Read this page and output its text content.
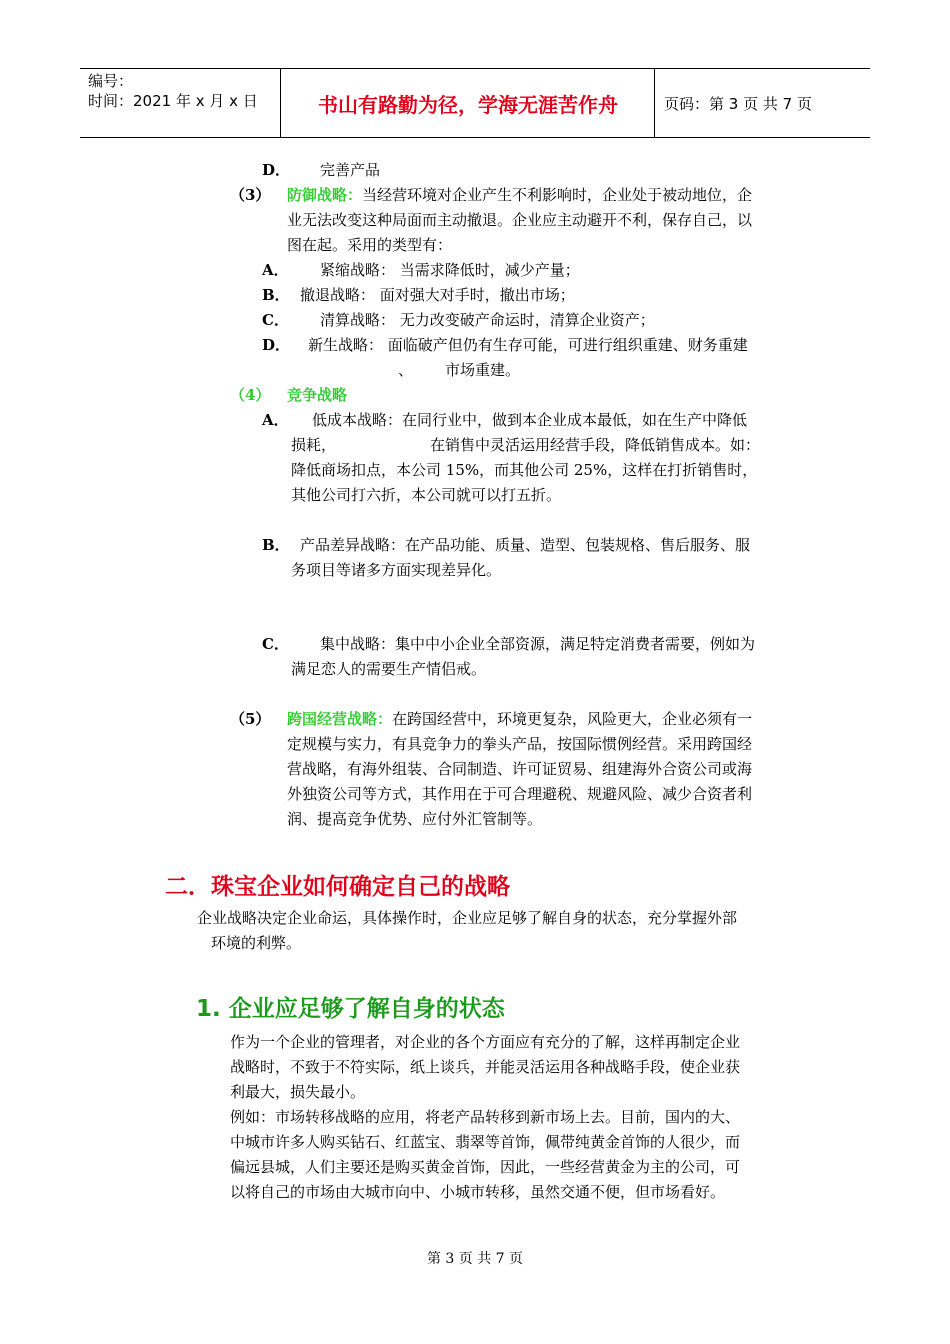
编号：
时间：2021 年 x 月 x 日	书山有路勤为径，学海无涯苦作舟	页码：第 3 页 共 7 页
D． 完善产品
（3） 防御战略：当经营环境对企业产生不利影响时，企业处于被动地位，企
业无法改变这种局面而主动撤退。企业应主动避开不利，保存自己，以
图在起。采用的类型有：
A． 紧缩战略： 当需求降低时，减少产量；
B． 撤退战略： 面对强大对手时，撤出市场；
C． 清算战略： 无力改变破产命运时，清算企业资产；
D． 新生战略： 面临破产但仍有生存可能，可进行组织重建、财务重建
、 市场重建。
（4） 竞争战略
A． 低成本战略：在同行业中，做到本企业成本最低，如在生产中降低
损耗，	在销售中灵活运用经营手段，降低销售成本。如：
降低商场扣点，本公司 15%，而其他公司 25%，这样在打折销售时，
其他公司打六折，本公司就可以打五折。
B． 产品差异战略：在产品功能、质量、造型、包装规格、售后服务、服
务项目等诸多方面实现差异化。
C． 集中战略：集中中小企业全部资源，满足特定消费者需要，例如为
满足恋人的需要生产情侣戒。
（5） 跨国经营战略：在跨国经营中，环境更复杂，风险更大，企业必须有一
定规模与实力，有具竞争力的拳头产品，按国际惯例经营。采用跨国经
营战略，有海外组装、合同制造、许可证贸易、组建海外合资公司或海
外独资公司等方式，其作用在于可合理避税、规避风险、减少合资者利
润、提高竞争优势、应付外汇管制等。
二．珠宝企业如何确定自己的战略
企业战略决定企业命运，具体操作时，企业应足够了解自身的状态，充分掌握外部
环境的利弊。
1. 企业应足够了解自身的状态
作为一个企业的管理者，对企业的各个方面应有充分的了解，这样再制定企业
战略时，不致于不符实际，纸上谈兵，并能灵活运用各种战略手段，使企业获
利最大，损失最小。
例如：市场转移战略的应用，将老产品转移到新市场上去。目前，国内的大、
中城市许多人购买钻石、红蓝宝、翡翠等首饰，佩带纯黄金首饰的人很少，而
偏远县城，人们主要还是购买黄金首饰，因此，一些经营黄金为主的公司，可
以将自己的市场由大城市向中、小城市转移，虽然交通不便，但市场看好。
第 3 页 共 7 页
